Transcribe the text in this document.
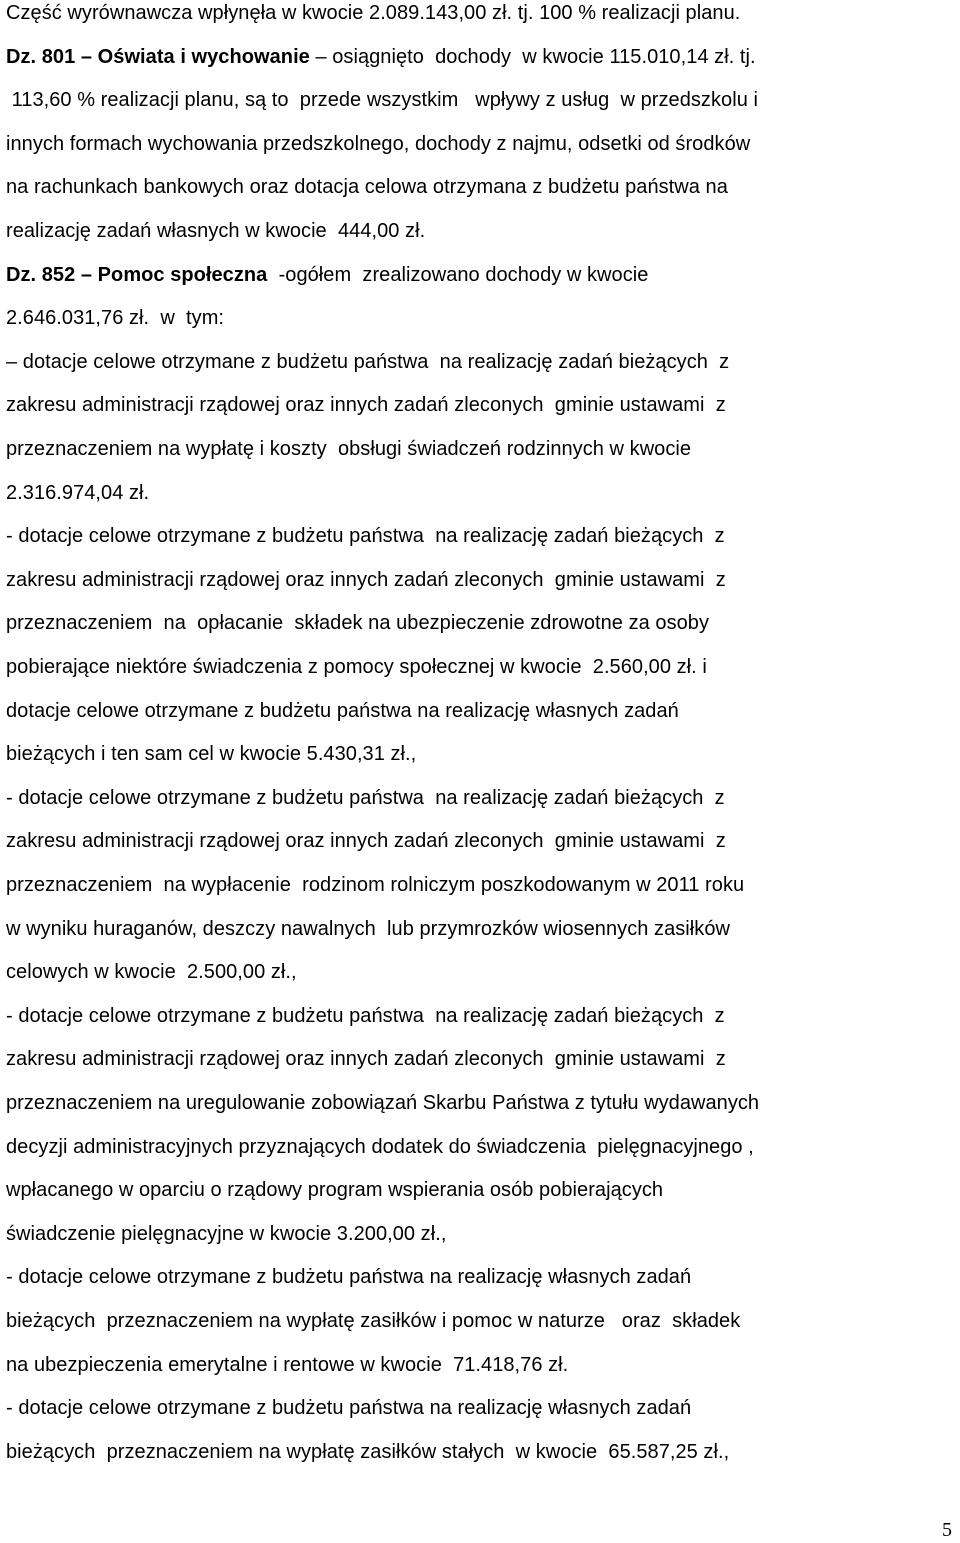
Część wyrównawcza wpłynęła w kwocie 2.089.143,00 zł. tj. 100 % realizacji planu.
Dz. 801 – Oświata i wychowanie – osiągnięto  dochody  w kwocie 115.010,14 zł. tj.
113,60 % realizacji planu, są to  przede wszystkim   wpływy z usług  w przedszkolu i
innych formach wychowania przedszkolnego, dochody z najmu, odsetki od środków
na rachunkach bankowych oraz dotacja celowa otrzymana z budżetu państwa na
realizację zadań własnych w kwocie  444,00 zł.
Dz. 852 – Pomoc społeczna  -ogółem  zrealizowano dochody w kwocie
2.646.031,76 zł.  w  tym:
– dotacje celowe otrzymane z budżetu państwa  na realizację zadań bieżących  z
zakresu administracji rządowej oraz innych zadań zleconych  gminie ustawami  z
przeznaczeniem na wypłatę i koszty  obsługi świadczeń rodzinnych w kwocie
2.316.974,04 zł.
- dotacje celowe otrzymane z budżetu państwa  na realizację zadań bieżących  z
zakresu administracji rządowej oraz innych zadań zleconych  gminie ustawami  z
przeznaczeniem  na  opłacanie  składek na ubezpieczenie zdrowotne za osoby
pobierające niektóre świadczenia z pomocy społecznej w kwocie  2.560,00 zł. i
dotacje celowe otrzymane z budżetu państwa na realizację własnych zadań
bieżących i ten sam cel w kwocie 5.430,31 zł.,
- dotacje celowe otrzymane z budżetu państwa  na realizację zadań bieżących  z
zakresu administracji rządowej oraz innych zadań zleconych  gminie ustawami  z
przeznaczeniem  na wypłacenie  rodzinom rolniczym poszkodowanym w 2011 roku
w wyniku huraganów, deszczy nawalnych  lub przymrozków wiosennych zasiłków
celowych w kwocie  2.500,00 zł.,
- dotacje celowe otrzymane z budżetu państwa  na realizację zadań bieżących  z
zakresu administracji rządowej oraz innych zadań zleconych  gminie ustawami  z
przeznaczeniem na uregulowanie zobowiązań Skarbu Państwa z tytułu wydawanych
decyzji administracyjnych przyznających dodatek do świadczenia  pielęgnacyjnego ,
wpłacanego w oparciu o rządowy program wspierania osób pobierających
świadczenie pielęgnacyjne w kwocie 3.200,00 zł.,
- dotacje celowe otrzymane z budżetu państwa na realizację własnych zadań
bieżących  przeznaczeniem na wypłatę zasiłków i pomoc w naturze   oraz  składek
na ubezpieczenia emerytalne i rentowe w kwocie  71.418,76 zł.
- dotacje celowe otrzymane z budżetu państwa na realizację własnych zadań
bieżących  przeznaczeniem na wypłatę zasiłków stałych  w kwocie  65.587,25 zł.,
5
